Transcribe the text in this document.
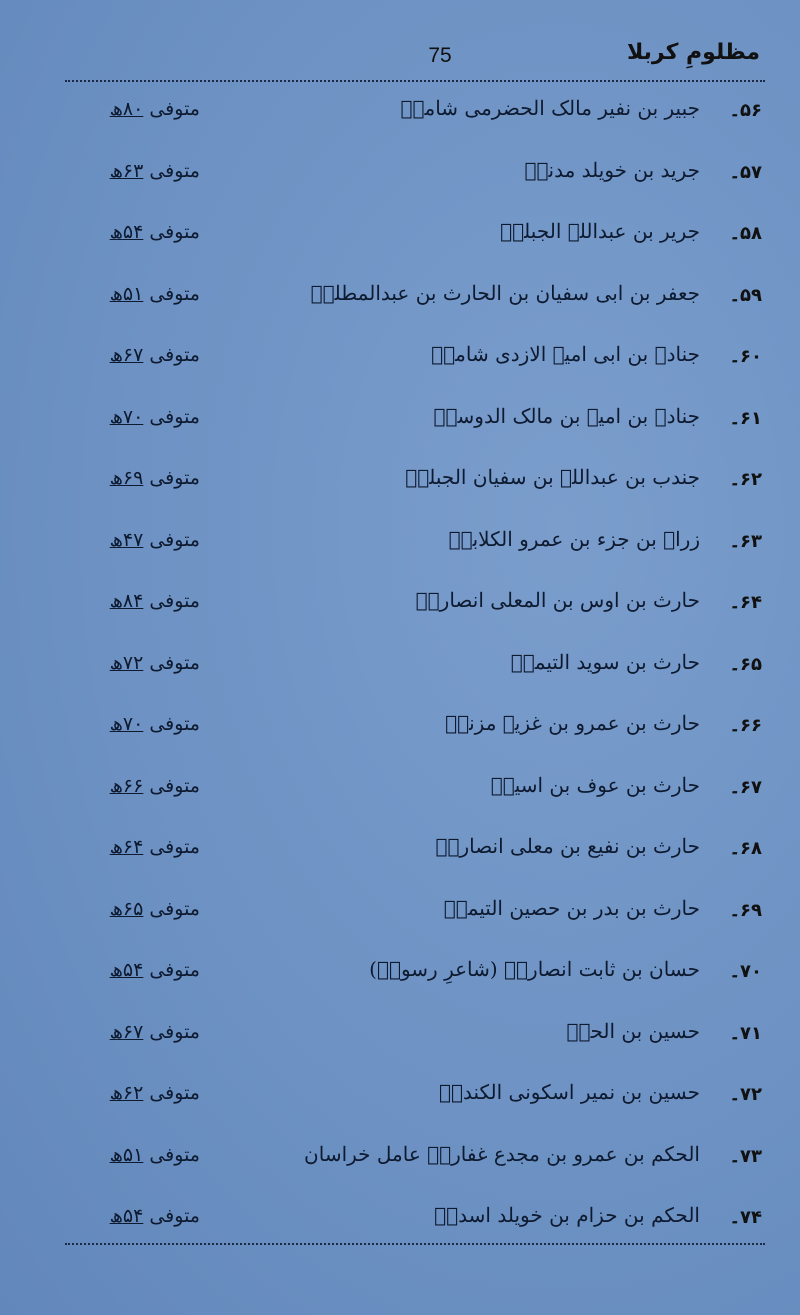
75	مظلومِ کربلا
۵۶۔
جبیر بن نفیر مالک الحضرمی شامیؓ
متوفی۸۰ھ
۵۷۔
جرید بن خویلد مدنیؓ
متوفی۶۳ھ
۵۸۔
جریر بن عبداللہ الجبلیؓ
متوفی۵۴ھ
۵۹۔
جعفر بن ابی سفیان بن الحارث بن عبدالمطلبؓ
متوفی۵۱ھ
۶۰۔
جنادہ بن ابی امیہ الازدی شامیؓ
متوفی۶۷ھ
۶۱۔
جنادہ بن امیہ بن مالک الدوسیؓ
متوفی۷۰ھ
۶۲۔
جندب بن عبداللہ بن سفیان الجبلیؓ
متوفی۶۹ھ
۶۳۔
زراہ بن جزء بن عمرو الکلابیؓ
متوفی۴۷ھ
۶۴۔
حارث بن اوس بن المعلی انصاریؓ
متوفی۸۴ھ
۶۵۔
حارث بن سوید التیمیؓ
متوفی۷۲ھ
۶۶۔
حارث بن عمرو بن غزیہ مزنیؓ
متوفی۷۰ھ
۶۷۔
حارث بن عوف بن اسیدؓ
متوفی۶۶ھ
۶۸۔
حارث بن نفیع بن معلی انصاریؓ
متوفی۶۴ھ
۶۹۔
حارث بن بدر بن حصین التیمیؓ
متوفی۶۵ھ
۷۰۔
حسان بن ثابت انصاریؓ (شاعرِ رسولؐ)
متوفی۵۴ھ
۷۱۔
حسین بن الحرؓ
متوفی۶۷ھ
۷۲۔
حسین بن نمیر اسکونی الکندیؓ
متوفی۶۲ھ
۷۳۔
الحکم بن عمرو بن مجدع غفاریؓ عامل خراسان
متوفی۵۱ھ
۷۴۔
الحکم بن حزام بن خویلد اسدیؓ
متوفی۵۴ھ
